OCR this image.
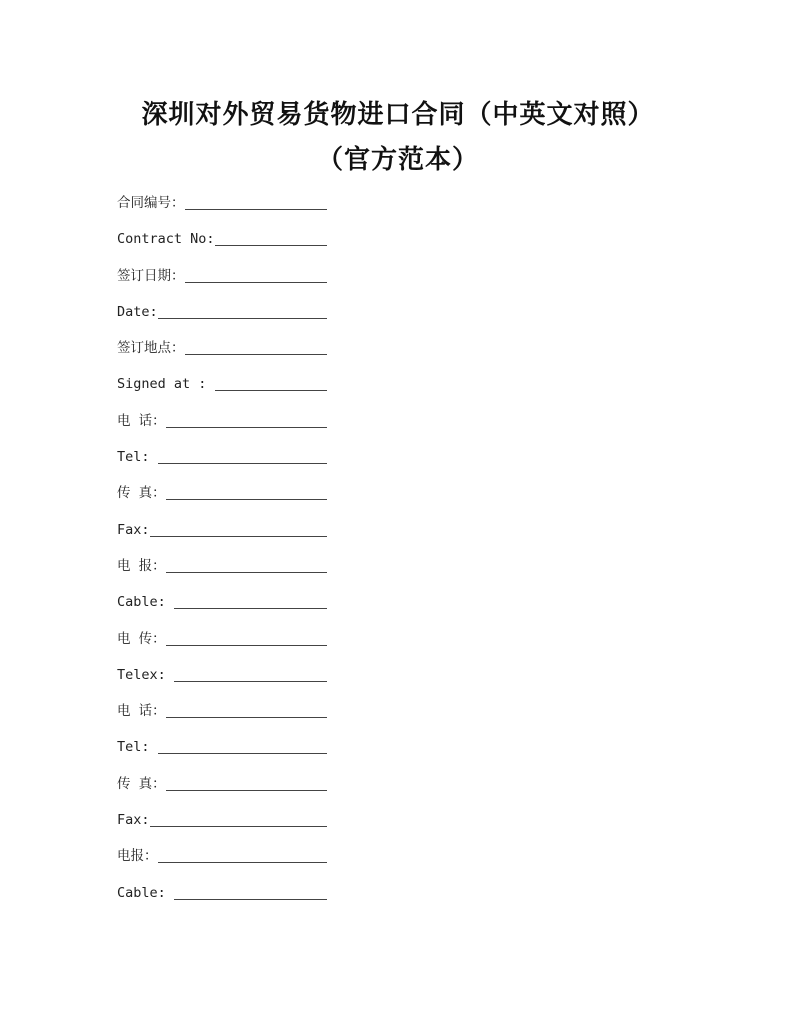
深圳对外贸易货物进口合同（中英文对照）
（官方范本）
合同编号：
Contract No:
签订日期：
Date:
签订地点：
Signed at :
电 话：
Tel:
传 真：
Fax:
电 报：
Cable:
电 传：
Telex:
电 话：
Tel:
传 真：
Fax:
电报：
Cable:
